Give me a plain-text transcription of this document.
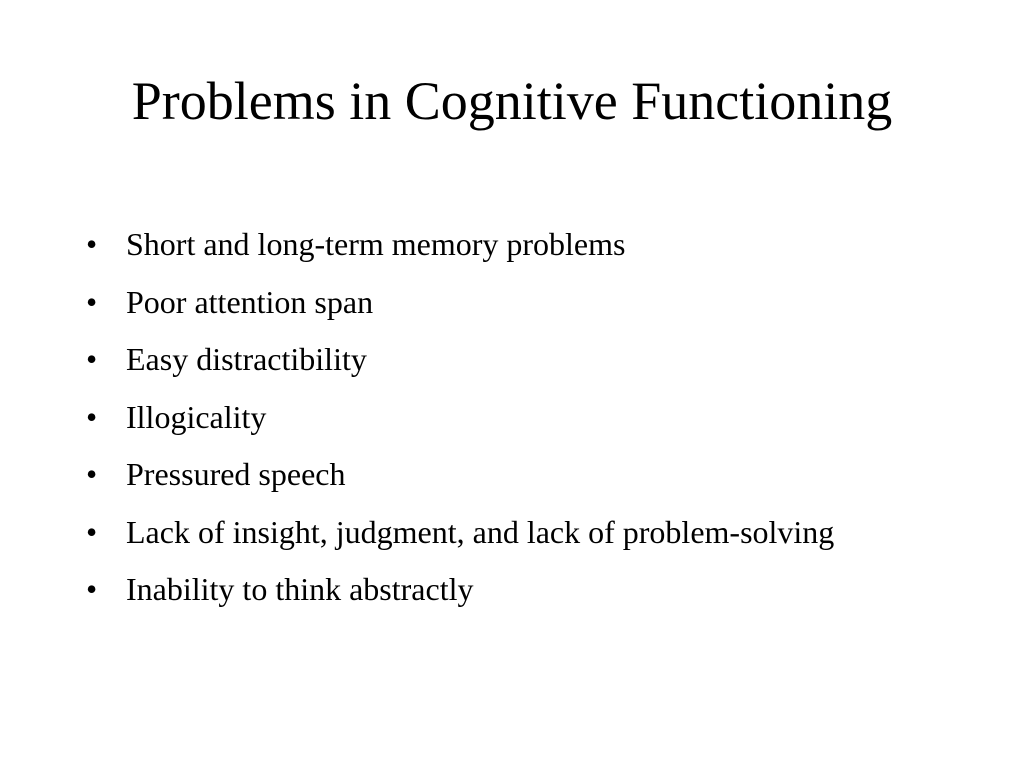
Problems in Cognitive Functioning
• Short and long-term memory problems
• Poor attention span
• Easy distractibility
• Illogicality
• Pressured speech
• Lack of insight, judgment, and lack of problem-solving
• Inability to think abstractly
